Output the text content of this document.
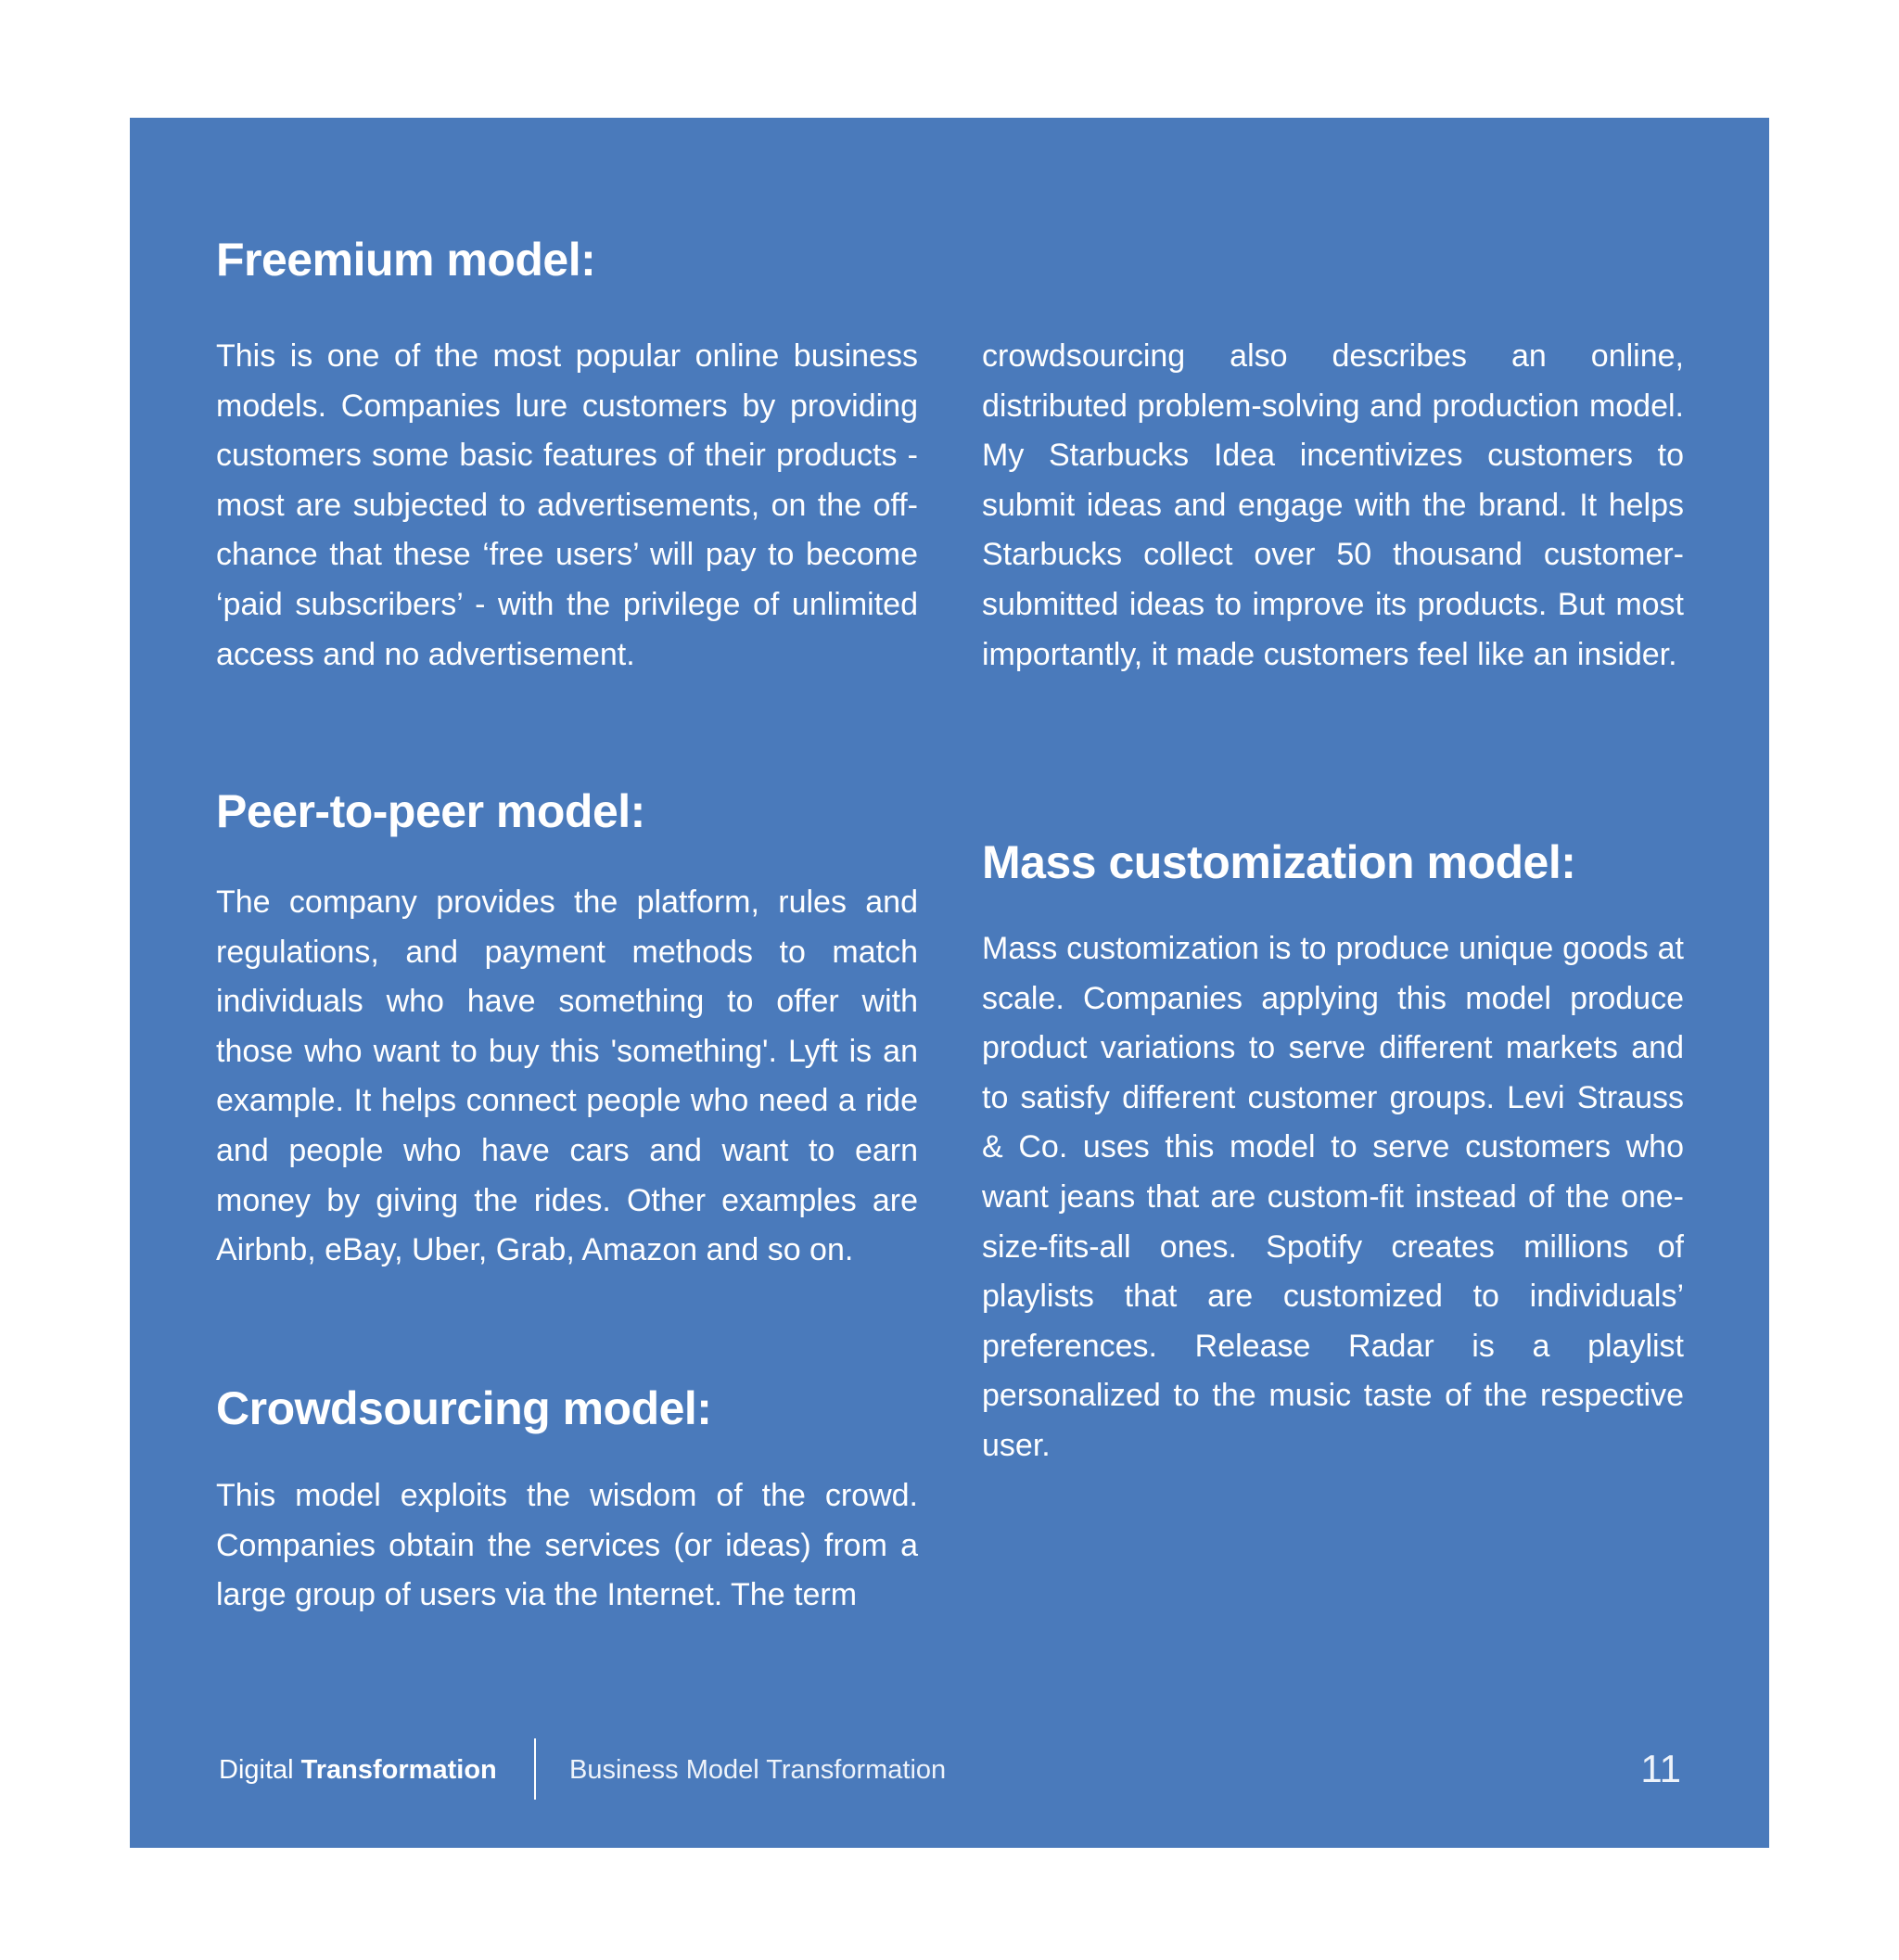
Freemium model:

This is one of the most popular online business models. Companies lure customers by providing customers some basic features of their products - most are subjected to advertisements, on the off-chance that these ‘free users’ will pay to become ‘paid subscribers’ - with the privilege of unlimited access and no advertisement.

Peer-to-peer model:

The company provides the platform, rules and regulations, and payment methods to match individuals who have something to offer with those who want to buy this 'something'. Lyft is an example. It helps connect people who need a ride and people who have cars and want to earn money by giving the rides. Other examples are Airbnb, eBay, Uber, Grab, Amazon and so on.

Crowdsourcing model:

This model exploits the wisdom of the crowd. Companies obtain the services (or ideas) from a large group of users via the Internet. The term

crowdsourcing also describes an online, distributed problem-solving and production model. My Starbucks Idea incentivizes customers to submit ideas and engage with the brand. It helps Starbucks collect over 50 thousand customer-submitted ideas to improve its products. But most importantly, it made customers feel like an insider.

Mass customization model:

Mass customization is to produce unique goods at scale. Companies applying this model produce product variations to serve different markets and to satisfy different customer groups. Levi Strauss & Co. uses this model to serve customers who want jeans that are custom-fit instead of the one-size-fits-all ones. Spotify creates millions of playlists that are customized to individuals’ preferences. Release Radar is a playlist personalized to the music taste of the respective user.

Digital Transformation	Business Model Transformation	11
